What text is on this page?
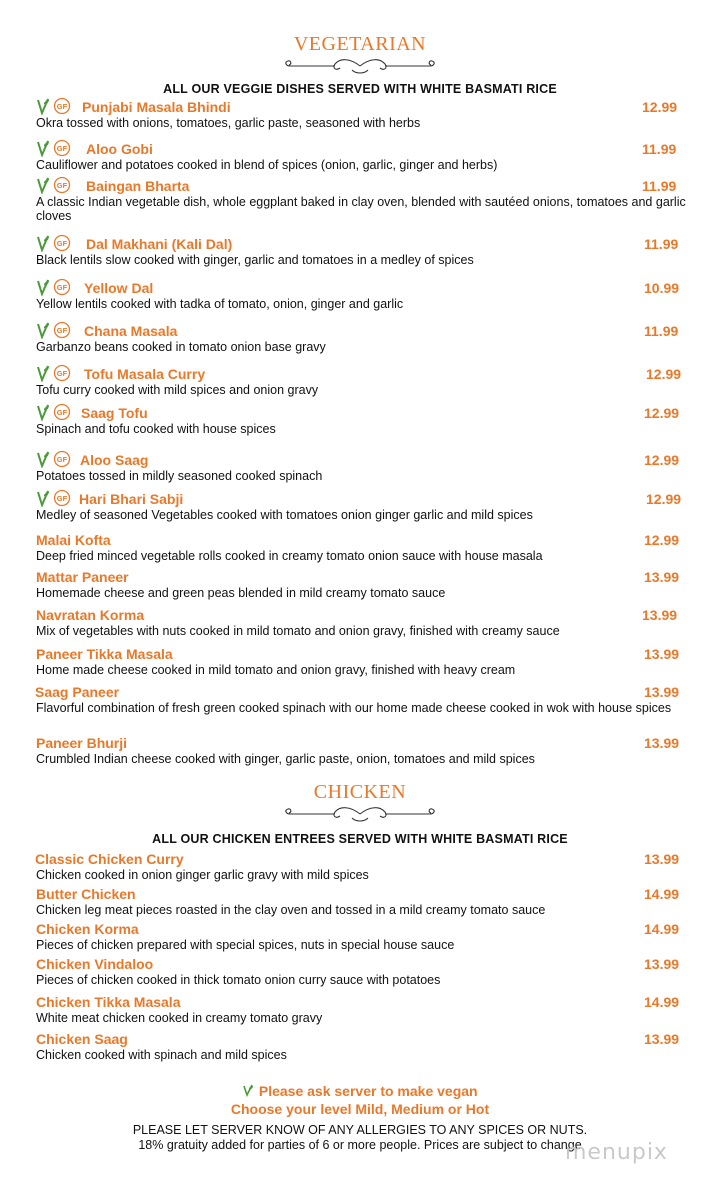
VEGETARIAN
ALL OUR VEGGIE DISHES SERVED WITH WHITE BASMATI RICE
GF Punjabi Masala Bhindi	12.99
Okra tossed with onions, tomatoes, garlic paste, seasoned with herbs
GF Aloo Gobi	11.99
Cauliflower and potatoes cooked in blend of spices (onion, garlic, ginger and herbs)
GF Baingan Bharta	11.99
A classic Indian vegetable dish, whole eggplant baked in clay oven, blended with sautéed onions, tomatoes and garlic cloves
GF Dal Makhani (Kali Dal)	11.99
Black lentils slow cooked with ginger, garlic and tomatoes in a medley of spices
GF Yellow Dal	10.99
Yellow lentils cooked with tadka of tomato, onion, ginger and garlic
GF Chana Masala	11.99
Garbanzo beans cooked in tomato onion base gravy
GF Tofu Masala Curry	12.99
Tofu curry cooked with mild spices and onion gravy
GF Saag Tofu	12.99
Spinach and tofu cooked with house spices
GF Aloo Saag	12.99
Potatoes tossed in mildly seasoned cooked spinach
GF Hari Bhari Sabji	12.99
Medley of seasoned Vegetables cooked with tomatoes onion ginger garlic and mild spices
Malai Kofta	12.99
Deep fried minced vegetable rolls cooked in creamy tomato onion sauce with house masala
Mattar Paneer	13.99
Homemade cheese and green peas blended in mild creamy tomato sauce
Navratan Korma	13.99
Mix of vegetables with nuts cooked in mild tomato and onion gravy, finished with creamy sauce
Paneer Tikka Masala	13.99
Home made cheese cooked in mild tomato and onion gravy, finished with heavy cream
Saag Paneer	13.99
Flavorful combination of fresh green cooked spinach with our home made cheese cooked in wok with house spices
Paneer Bhurji	13.99
Crumbled Indian cheese cooked with ginger, garlic paste, onion, tomatoes and mild spices
CHICKEN
ALL OUR CHICKEN ENTREES SERVED WITH WHITE BASMATI RICE
Classic Chicken Curry	13.99
Chicken cooked in onion ginger garlic gravy with mild spices
Butter Chicken	14.99
Chicken leg meat pieces roasted in the clay oven and tossed in a mild creamy tomato sauce
Chicken Korma	14.99
Pieces of chicken prepared with special spices, nuts in special house sauce
Chicken Vindaloo	13.99
Pieces of chicken cooked in thick tomato onion curry sauce with potatoes
Chicken Tikka Masala	14.99
White meat chicken cooked in creamy tomato gravy
Chicken Saag	13.99
Chicken cooked with spinach and mild spices
Please ask server to make vegan
Choose your level Mild, Medium or Hot
PLEASE LET SERVER KNOW OF ANY ALLERGIES TO ANY SPICES OR NUTS.
18% gratuity added for parties of 6 or more people. Prices are subject to change
menupix
